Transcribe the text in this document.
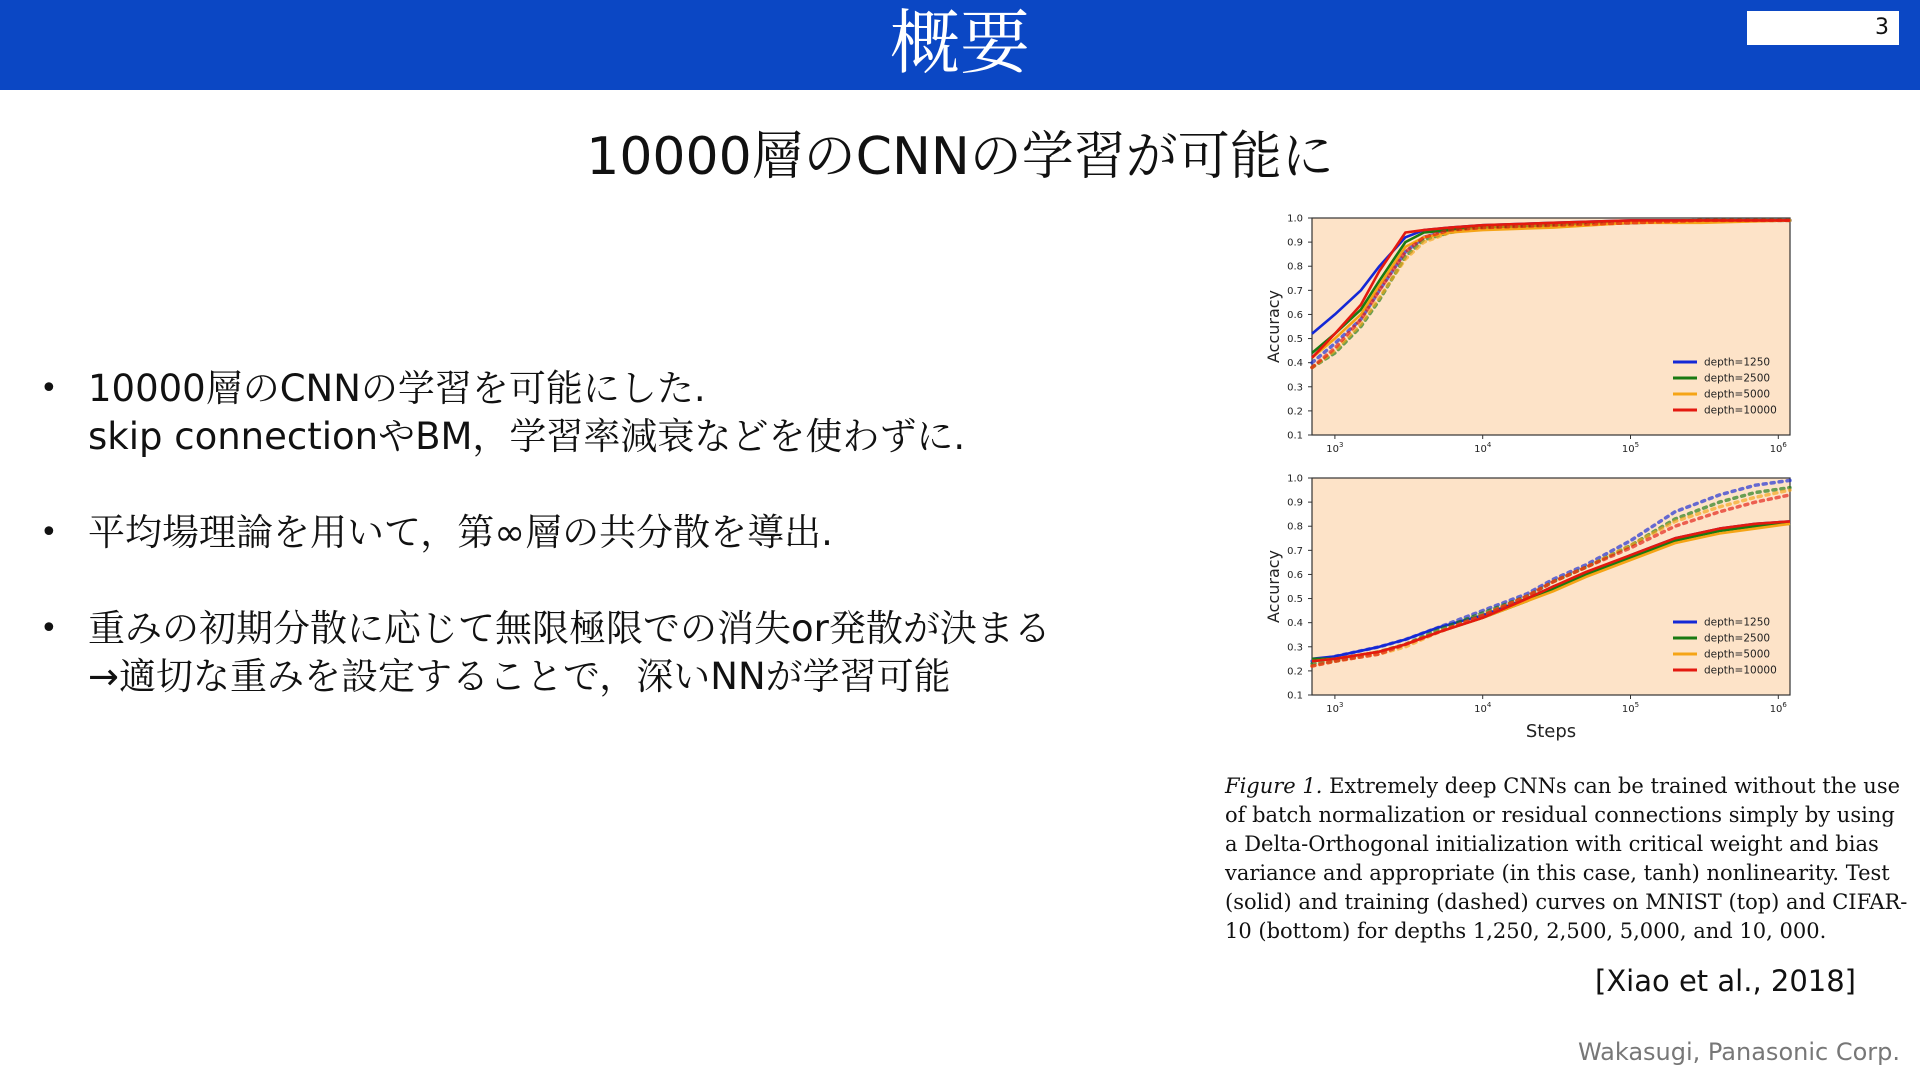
概要	3
10000層のCNNの学習が可能に
• 10000層のCNNの学習を可能にした.
skip connectionやBM，学習率減衰などを使わずに.
• 平均場理論を用いて，第∞層の共分散を導出.
• 重みの初期分散に応じて無限極限での消失or発散が決まる
→適切な重みを設定することで，深いNNが学習可能
0.1
0.2
0.3
0.4
0.5
0.6
0.7
0.8
0.9
1.0
$10^3$	$10^4$	$10^5$	$10^6$
Accuracy	depth=1250
depth=2500
depth=5000
depth=10000
0.1
0.2
0.3
0.4
0.5
0.6
0.7
0.8
0.9
1.0
$10^3$	$10^4$	$10^5$	$10^6$
Accuracy
Steps
depth=1250
depth=2500
depth=5000
depth=10000
Figure 1. Extremely deep CNNs can be trained without the use
of batch normalization or residual connections simply by using
a Delta-Orthogonal initialization with critical weight and bias
variance and appropriate (in this case, tanh) nonlinearity. Test
(solid) and training (dashed) curves on MNIST (top) and CIFAR-
10 (bottom) for depths 1,250, 2,500, 5,000, and 10, 000.
[Xiao et al., 2018]
Wakasugi, Panasonic Corp.
